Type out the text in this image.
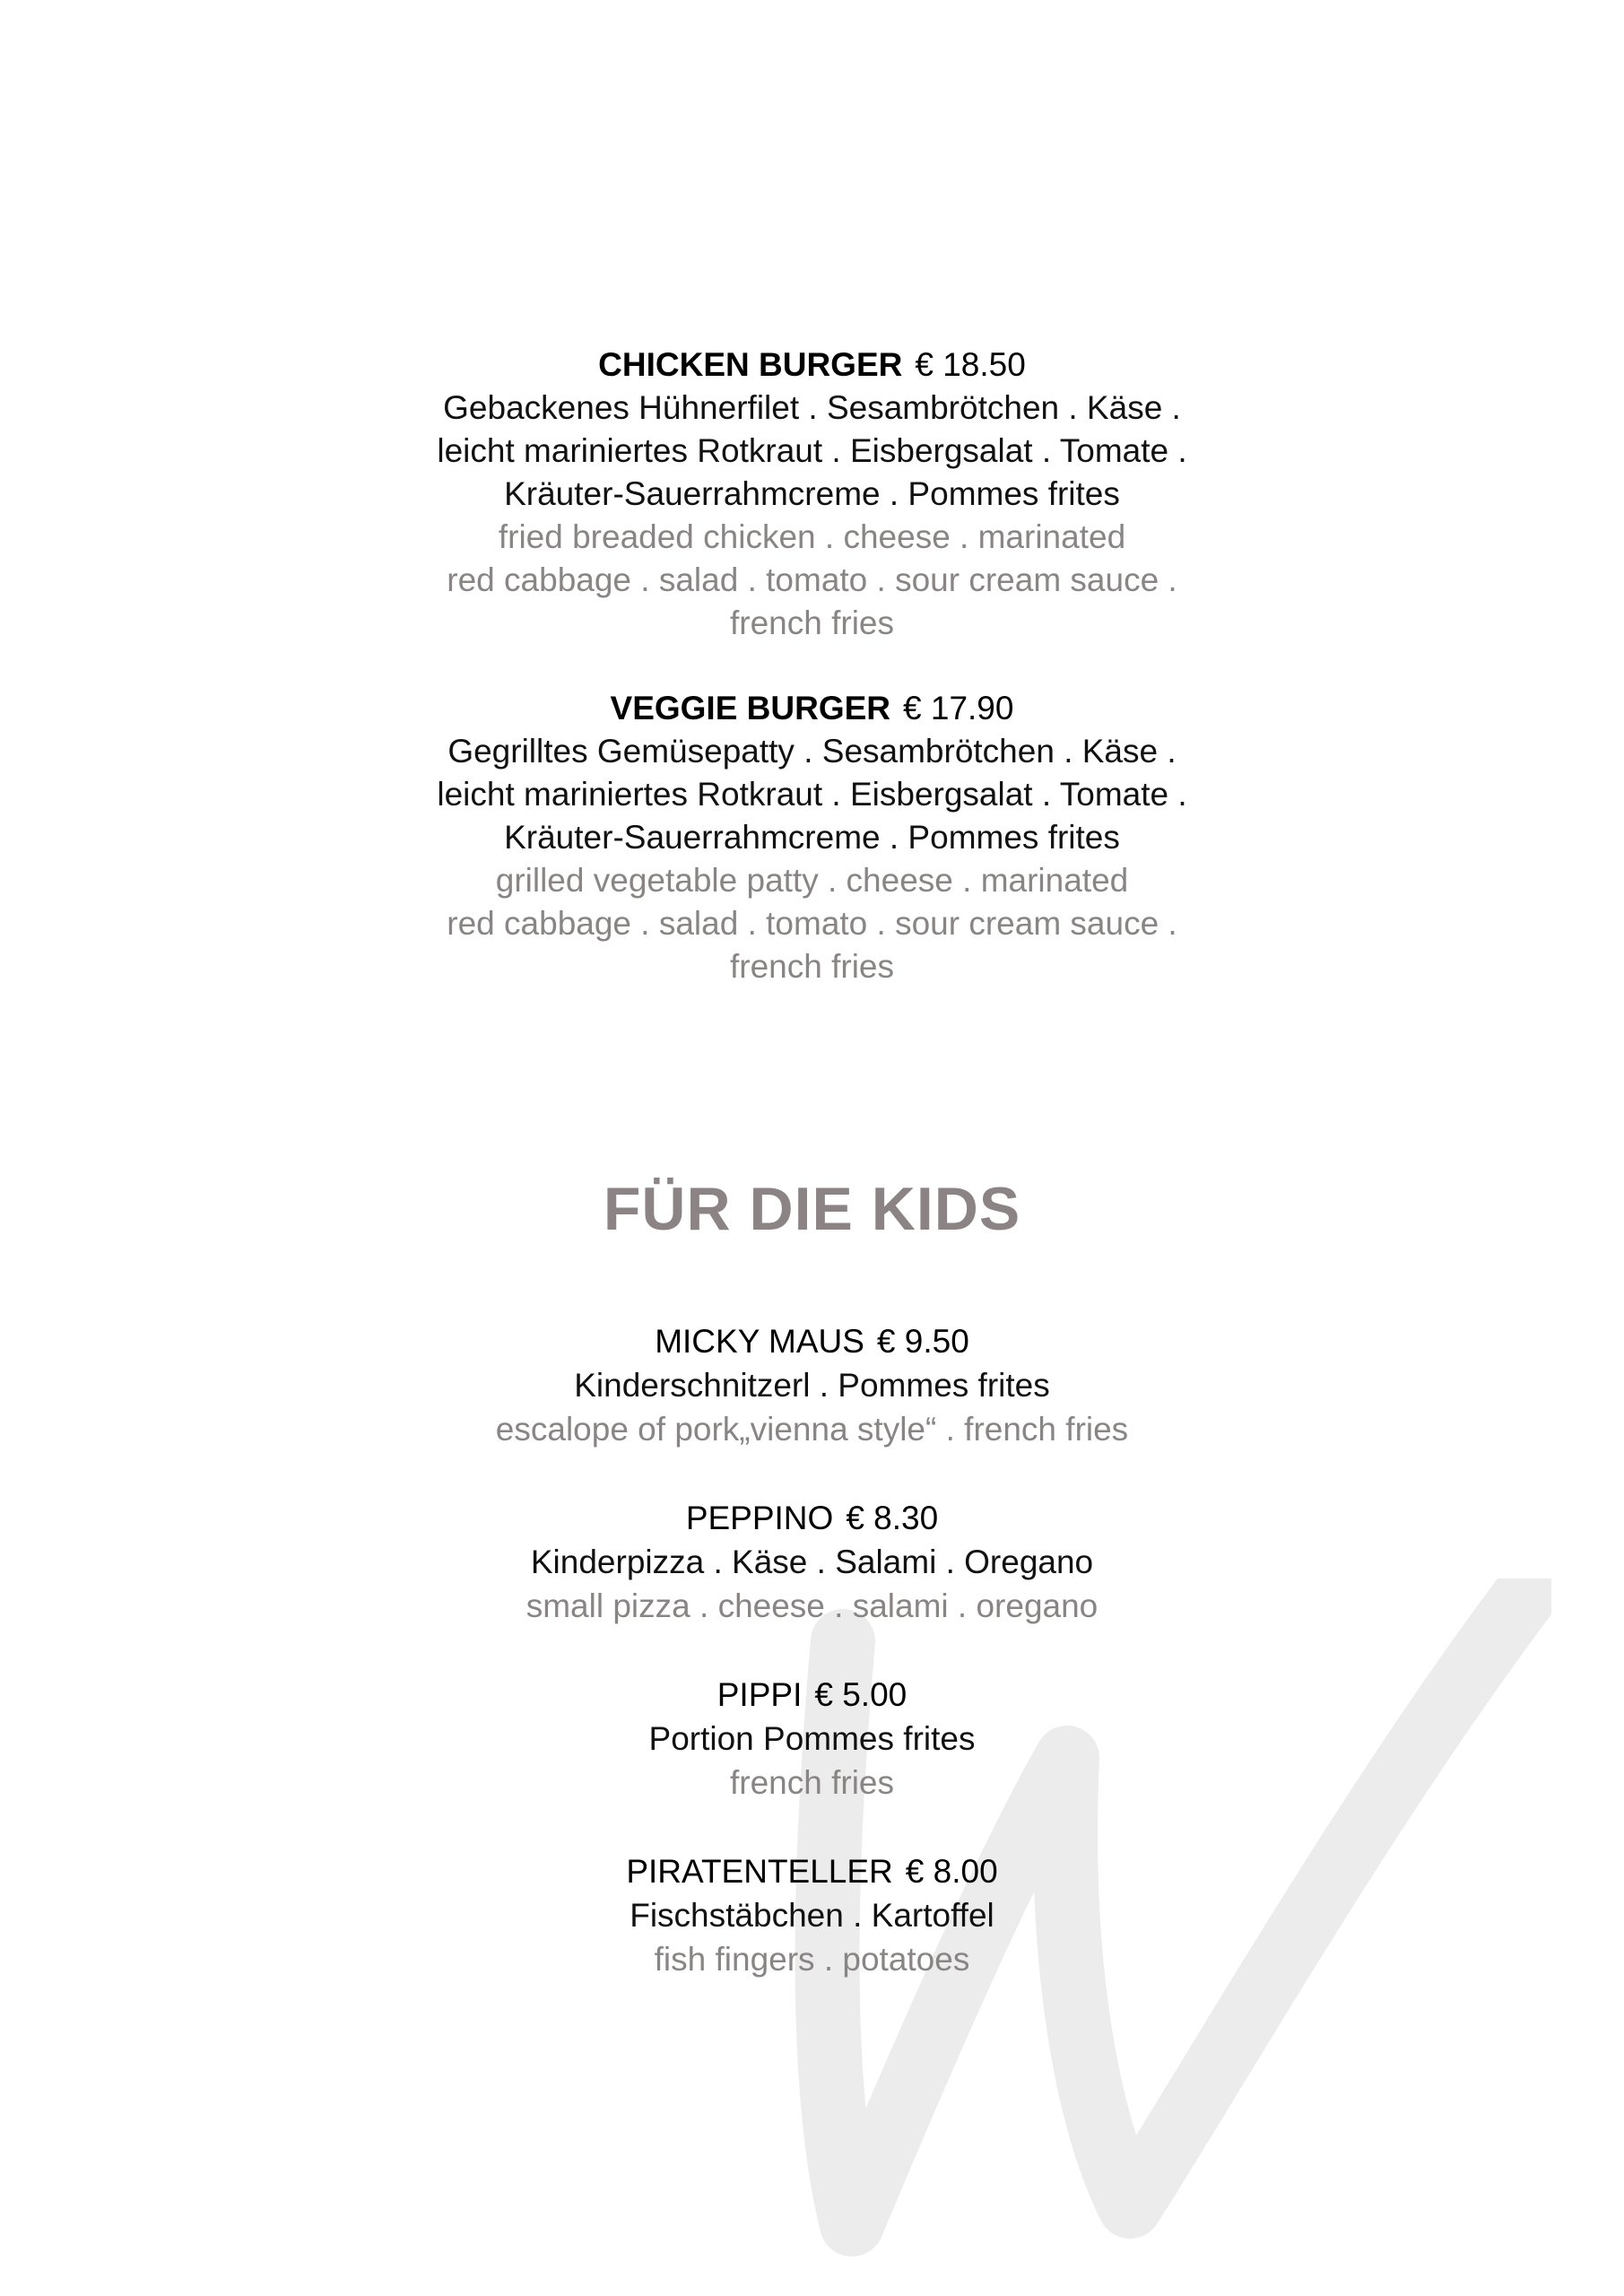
CHICKEN BURGER € 18.50
Gebackenes Hühnerfilet . Sesambrötchen . Käse .
leicht mariniertes Rotkraut . Eisbergsalat . Tomate .
Kräuter-Sauerrahmcreme . Pommes frites
fried breaded chicken . cheese . marinated
red cabbage . salad . tomato . sour cream sauce .
french fries
VEGGIE BURGER € 17.90
Gegrilltes Gemüsepatty . Sesambrötchen . Käse .
leicht mariniertes Rotkraut . Eisbergsalat . Tomate .
Kräuter-Sauerrahmcreme . Pommes frites
grilled vegetable patty . cheese . marinated
red cabbage . salad . tomato . sour cream sauce .
french fries
FÜR DIE KIDS
MICKY MAUS € 9.50
Kinderschnitzerl . Pommes frites
escalope of pork„vienna style“ . french fries
PEPPINO € 8.30
Kinderpizza . Käse . Salami . Oregano
small pizza . cheese . salami . oregano
PIPPI € 5.00
Portion Pommes frites
french fries
PIRATENTELLER € 8.00
Fischstäbchen . Kartoffel
fish fingers . potatoes
